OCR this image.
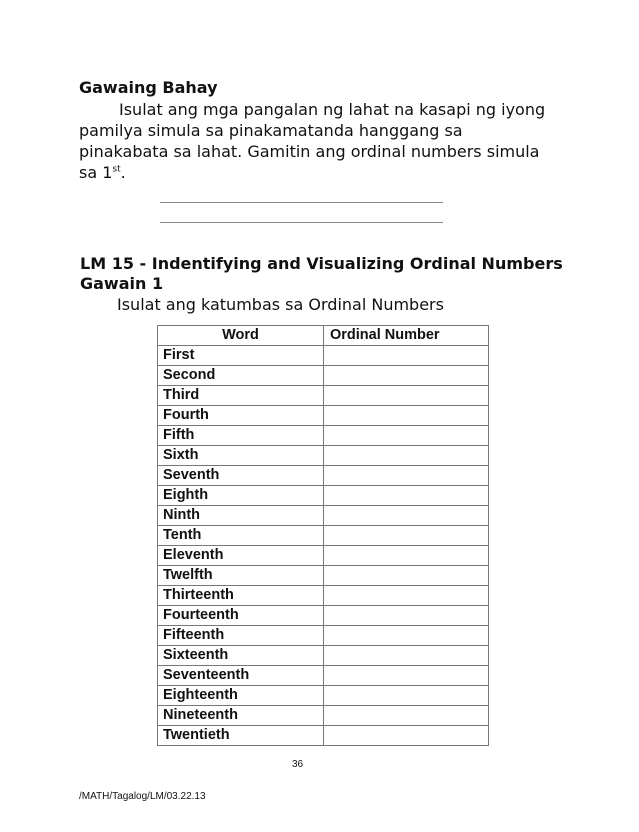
Gawaing Bahay
Isulat ang mga pangalan ng lahat na kasapi ng iyong pamilya simula sa pinakamatanda hanggang sa pinakabata sa lahat. Gamitin ang ordinal numbers simula sa 1st.
LM 15 - Indentifying and Visualizing Ordinal Numbers
Gawain 1
Isulat ang katumbas sa Ordinal Numbers
Word	Ordinal Number
First	
Second	
Third	
Fourth	
Fifth	
Sixth	
Seventh	
Eighth	
Ninth	
Tenth	
Eleventh	
Twelfth	
Thirteenth	
Fourteenth	
Fifteenth	
Sixteenth	
Seventeenth	
Eighteenth	
Nineteenth	
Twentieth	
36
/MATH/Tagalog/LM/03.22.13
